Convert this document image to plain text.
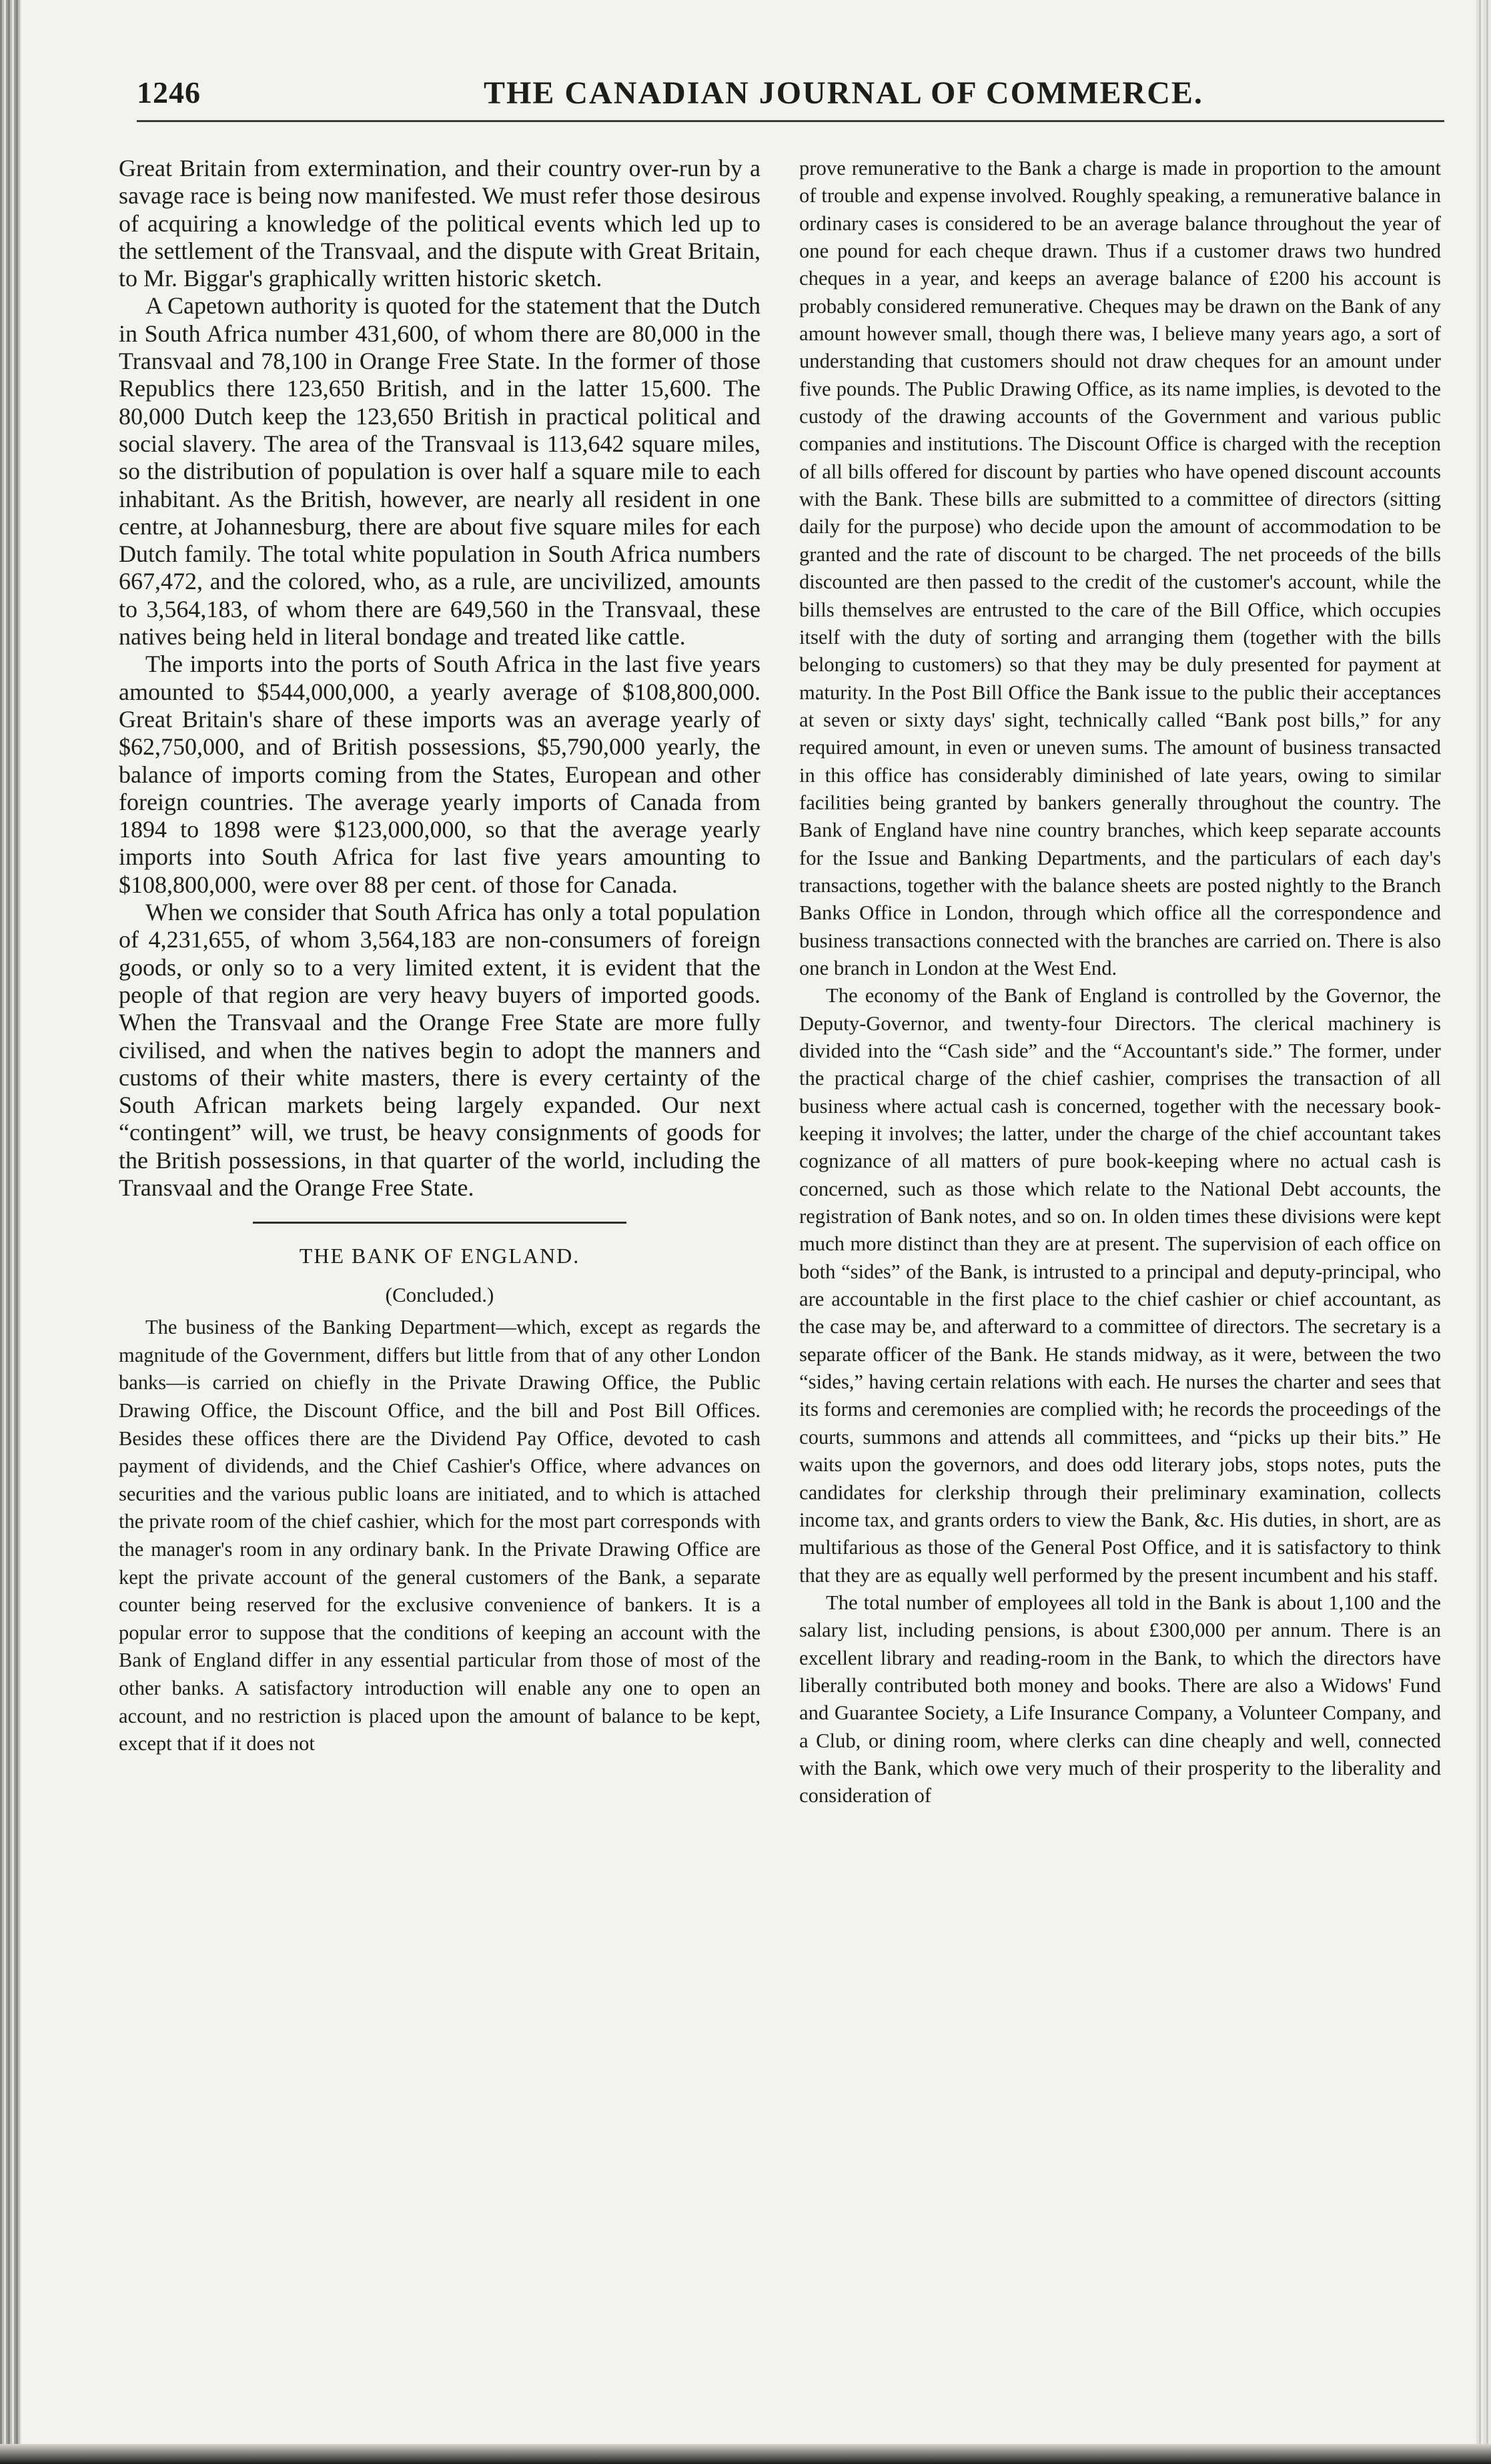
1246	THE CANADIAN JOURNAL OF COMMERCE.

Great Britain from extermination, and their country over-run by a savage race is being now manifested. We must refer those desirous of acquiring a knowledge of the political events which led up to the settlement of the Transvaal, and the dispute with Great Britain, to Mr. Biggar's graphically written historic sketch.

A Capetown authority is quoted for the statement that the Dutch in South Africa number 431,600, of whom there are 80,000 in the Transvaal and 78,100 in Orange Free State. In the former of those Republics there 123,650 British, and in the latter 15,600. The 80,000 Dutch keep the 123,650 British in practical political and social slavery. The area of the Transvaal is 113,642 square miles, so the distribution of population is over half a square mile to each inhabitant. As the British, however, are nearly all resident in one centre, at Johannesburg, there are about five square miles for each Dutch family. The total white population in South Africa numbers 667,472, and the colored, who, as a rule, are uncivilized, amounts to 3,564,183, of whom there are 649,560 in the Transvaal, these natives being held in literal bondage and treated like cattle.

The imports into the ports of South Africa in the last five years amounted to $544,000,000, a yearly average of $108,800,000. Great Britain's share of these imports was an average yearly of $62,750,000, and of British possessions, $5,790,000 yearly, the balance of imports coming from the States, European and other foreign countries. The average yearly imports of Canada from 1894 to 1898 were $123,000,000, so that the average yearly imports into South Africa for last five years amounting to $108,800,000, were over 88 per cent. of those for Canada.

When we consider that South Africa has only a total population of 4,231,655, of whom 3,564,183 are non-consumers of foreign goods, or only so to a very limited extent, it is evident that the people of that region are very heavy buyers of imported goods. When the Transvaal and the Orange Free State are more fully civilised, and when the natives begin to adopt the manners and customs of their white masters, there is every certainty of the South African markets being largely expanded. Our next “contingent” will, we trust, be heavy consignments of goods for the British possessions, in that quarter of the world, including the Transvaal and the Orange Free State.

THE BANK OF ENGLAND.
(Concluded.)

The business of the Banking Department—which, except as regards the magnitude of the Government, differs but little from that of any other London banks—is carried on chiefly in the Private Drawing Office, the Public Drawing Office, the Discount Office, and the bill and Post Bill Offices. Besides these offices there are the Dividend Pay Office, devoted to cash payment of dividends, and the Chief Cashier's Office, where advances on securities and the various public loans are initiated, and to which is attached the private room of the chief cashier, which for the most part corresponds with the manager's room in any ordinary bank. In the Private Drawing Office are kept the private account of the general customers of the Bank, a separate counter being reserved for the exclusive convenience of bankers. It is a popular error to suppose that the conditions of keeping an account with the Bank of England differ in any essential particular from those of most of the other banks. A satisfactory introduction will enable any one to open an account, and no restriction is placed upon the amount of balance to be kept, except that if it does not

prove remunerative to the Bank a charge is made in proportion to the amount of trouble and expense involved. Roughly speaking, a remunerative balance in ordinary cases is considered to be an average balance throughout the year of one pound for each cheque drawn. Thus if a customer draws two hundred cheques in a year, and keeps an average balance of £200 his account is probably considered remunerative. Cheques may be drawn on the Bank of any amount however small, though there was, I believe many years ago, a sort of understanding that customers should not draw cheques for an amount under five pounds. The Public Drawing Office, as its name implies, is devoted to the custody of the drawing accounts of the Government and various public companies and institutions. The Discount Office is charged with the reception of all bills offered for discount by parties who have opened discount accounts with the Bank. These bills are submitted to a committee of directors (sitting daily for the purpose) who decide upon the amount of accommodation to be granted and the rate of discount to be charged. The net proceeds of the bills discounted are then passed to the credit of the customer's account, while the bills themselves are entrusted to the care of the Bill Office, which occupies itself with the duty of sorting and arranging them (together with the bills belonging to customers) so that they may be duly presented for payment at maturity. In the Post Bill Office the Bank issue to the public their acceptances at seven or sixty days' sight, technically called “Bank post bills,” for any required amount, in even or uneven sums. The amount of business transacted in this office has considerably diminished of late years, owing to similar facilities being granted by bankers generally throughout the country. The Bank of England have nine country branches, which keep separate accounts for the Issue and Banking Departments, and the particulars of each day's transactions, together with the balance sheets are posted nightly to the Branch Banks Office in London, through which office all the correspondence and business transactions connected with the branches are carried on. There is also one branch in London at the West End.

The economy of the Bank of England is controlled by the Governor, the Deputy-Governor, and twenty-four Directors. The clerical machinery is divided into the “Cash side” and the “Accountant's side.” The former, under the practical charge of the chief cashier, comprises the transaction of all business where actual cash is concerned, together with the necessary book-keeping it involves; the latter, under the charge of the chief accountant takes cognizance of all matters of pure book-keeping where no actual cash is concerned, such as those which relate to the National Debt accounts, the registration of Bank notes, and so on. In olden times these divisions were kept much more distinct than they are at present. The supervision of each office on both “sides” of the Bank, is intrusted to a principal and deputy-principal, who are accountable in the first place to the chief cashier or chief accountant, as the case may be, and afterward to a committee of directors. The secretary is a separate officer of the Bank. He stands midway, as it were, between the two “sides,” having certain relations with each. He nurses the charter and sees that its forms and ceremonies are complied with; he records the proceedings of the courts, summons and attends all committees, and “picks up their bits.” He waits upon the governors, and does odd literary jobs, stops notes, puts the candidates for clerkship through their preliminary examination, collects income tax, and grants orders to view the Bank, &c. His duties, in short, are as multifarious as those of the General Post Office, and it is satisfactory to think that they are as equally well performed by the present incumbent and his staff.

The total number of employees all told in the Bank is about 1,100 and the salary list, including pensions, is about £300,000 per annum. There is an excellent library and reading-room in the Bank, to which the directors have liberally contributed both money and books. There are also a Widows' Fund and Guarantee Society, a Life Insurance Company, a Volunteer Company, and a Club, or dining room, where clerks can dine cheaply and well, connected with the Bank, which owe very much of their prosperity to the liberality and consideration of
